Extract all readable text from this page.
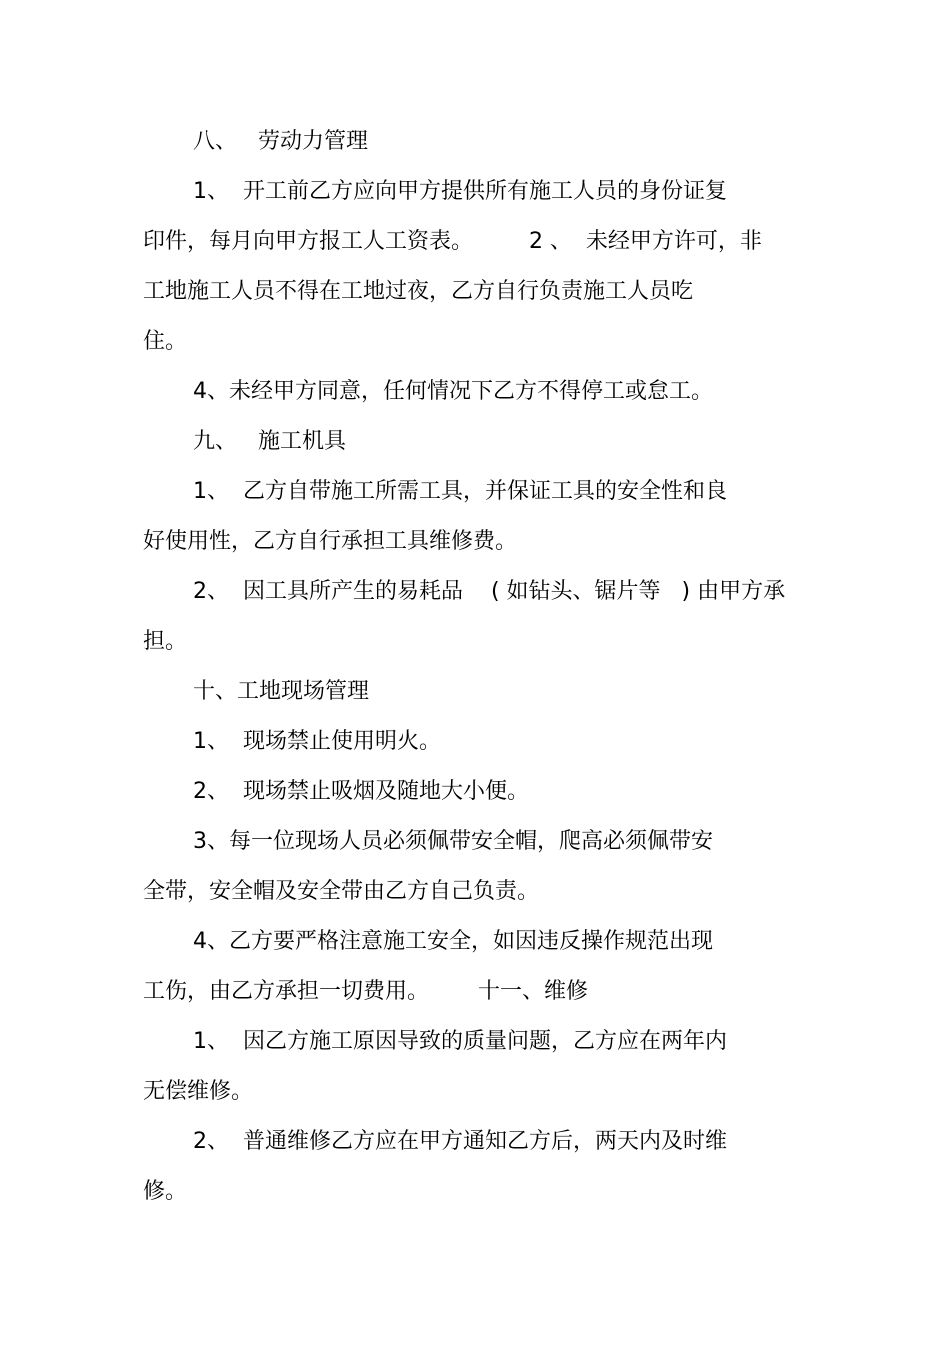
八、   劳动力管理
1、  开工前乙方应向甲方提供所有施工人员的身份证复
印件，每月向甲方报工人工资表。        2 、  未经甲方许可，非
工地施工人员不得在工地过夜，乙方自行负责施工人员吃
住。
4、未经甲方同意，任何情况下乙方不得停工或怠工。
九、   施工机具
1、  乙方自带施工所需工具，并保证工具的安全性和良
好使用性，乙方自行承担工具维修费。
2、  因工具所产生的易耗品    ( 如钻头、锯片等   ) 由甲方承
担。
十、工地现场管理
1、  现场禁止使用明火。
2、  现场禁止吸烟及随地大小便。
3、每一位现场人员必须佩带安全帽，爬高必须佩带安
全带，安全帽及安全带由乙方自己负责。
4、乙方要严格注意施工安全，如因违反操作规范出现
工伤，由乙方承担一切费用。       十一、维修
1、  因乙方施工原因导致的质量问题，乙方应在两年内
无偿维修。
2、  普通维修乙方应在甲方通知乙方后，两天内及时维
修。
